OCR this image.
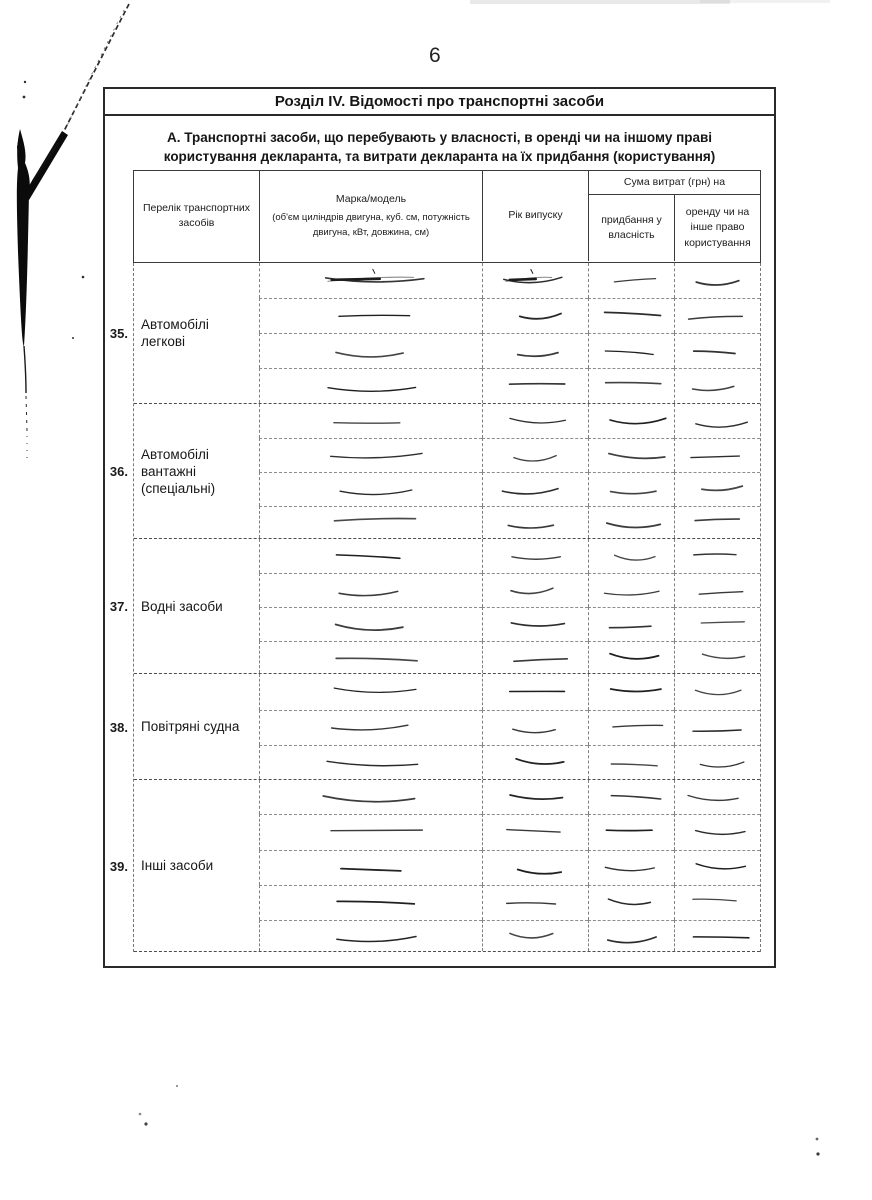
6
Розділ IV. Відомості про транспортні засоби
А. Транспортні засоби, що перебувають у власності, в оренді чи на іншому праві користування декларанта, та витрати декларанта на їх придбання (користування)
Перелік транспортних засобів
Марка/модель
(об'єм циліндрів двигуна, куб. см, потужність двигуна, кВт, довжина, см)
Рік випуску
Сума витрат (грн) на
придбання у власність
оренду чи на інше право користування
Автомобілі легкові
Автомобілі вантажні (спеціальні)
Водні засоби
Повітряні судна
Інші засоби
35.
36.
37.
38.
39.
